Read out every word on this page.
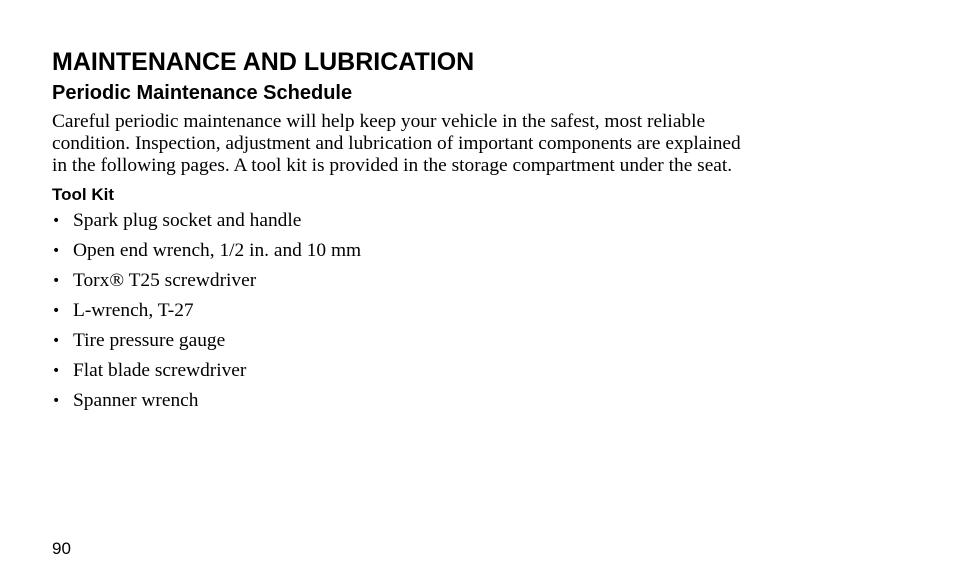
MAINTENANCE AND LUBRICATION
Periodic Maintenance Schedule

Careful periodic maintenance will help keep your vehicle in the safest, most reliable
condition. Inspection, adjustment and lubrication of important components are explained
in the following pages. A tool kit is provided in the storage compartment under the seat.

Tool Kit
• Spark plug socket and handle
• Open end wrench, 1/2 in. and 10 mm
• Torx® T25 screwdriver
• L-wrench, T-27
• Tire pressure gauge
• Flat blade screwdriver
• Spanner wrench
90
